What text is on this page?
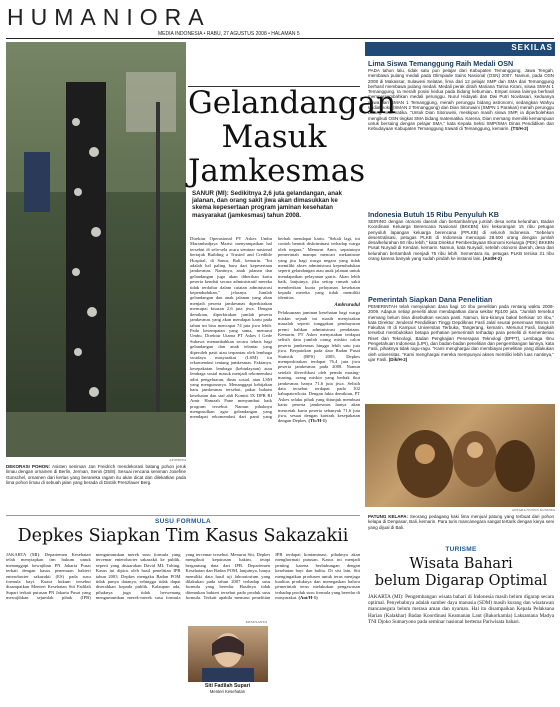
HUMANIORA
MEDIA INDONESIA • RABU, 27 AGUSTUS 2008 • HALAMAN 5
AP PHOTO
DEKORASI POHON: Asisten seniman Jan Freidrich mendekorasi batang pohon jeruk limau dengan ornamen di Berlin, Jerman, Senin (25/8). Sesuai rencana seniman Josefine Gunschel, ornamen dari kertas yang beraneka ragam itu akan dicat dan dilekatkan pada lima pohon limau di sebuah jalan yang berada di Distrik Prenzlauer Berg.
Gelandangan
Masuk
Jamkesmas
SANUR (MI): Sedikitnya 2,6 juta gelandangan, anak jalanan, dan orang sakit jiwa akan dimasukkan ke skema kepesertaan program jaminan kesehatan masyarakat (jamkesmas) tahun 2008.
Direktur Operasional PT Askes Umbu Marambadjaya Marisi menyampaikan hal tersebut di sela-sela acara seminar nasional bertajuk Building a Trusted and Credible Hospital, di Sanur, Bali, kemarin. "Ini adalah hal paling baru dari kepesertaan jamkesmas. Nantinya, anak jalanan dan gelandangan juga akan diberikan kartu peserta kendati secara administratif mereka tidak terdaftar dalam catatan administrasi kependudukan," jelasnya. Jumlah gelandangan dan anak jalanan yang akan menjadi peserta jamkesmas diperkirakan mencapai kisaran 2,6 juta jiwa. Dengan demikian, diperkirakan jumlah peserta jamkesmas yang akan mendapat kartu pada tahun ini bisa mencapai 74 juta jiwa lebih. Pada kesempatan yang sama, menurut Umbu, Direktur Utama PT Askes I Gede Subawa menambahkan secara teknis bagi gelandangan dan anak telantar yang diperoleh pasti atau terpantau oleh lembaga swadaya masyarakat (LSM) itu rekomendasi tentang jamkesmas. Faktanya, kesepakatan lembaga (kebudayaan) atau lembaga sosial masuk menjadi rekomendasi adiri pengeluaran, dinas sosial, atau LSM yang mengurusnya. Menanggapi kebijakan baru jamkesmas tersebut, pakar hukum kesehatan dan staf ahli Komisi IX DPR RI Amir Hamzah Pane menyambut baik program tersebut. Namun pihaknya mengusulkan agar gelandangan yang mendapat rekomendasi dari panti yang berhak mendapat kartu. "Sekali lagi, ini contoh bentuk diskriminasi terhadap warga oleh negara." Menurut Amir, sepatutnya pemerintah mampu mencari mekanisme yang jitu bagi warga negara yang tidak memiliki akses administrasi kependudukan seperti gelandangan atau anak jalanan untuk mendapatkan pelayanan gratis. Akan lebih baik, lanjutnya, jika setiap rumah sakit memberikan kuota pelayanan kesehatan kepada mereka yang tidak memiliki identitas.
Ambruradul
Pelaksanaan jaminan kesehatan bagi warga miskin sejauh ini masih menyisakan masalah seperti tunggakan pembayaran premi bahkan administrasi pendataan. Kemarin, PT Askes menyatakan terdapat selisih data jumlah orang miskin calon peserta jamkesmas hingga lebih satu juta jiwa. Berpatokan pada data Badan Pusat Statistik (BPS) 2005, Depkes memperkirakan terdapat 76,4 juta jiwa peserta jamkesmas pada 2008. Namun setelah diverifikasi oleh pemda masing-masing, orang miskin yang berhak ikut jamkesmas hanya 71,6 juta jiwa. Selisih data tersebut terdapat pada 102 kabupaten/kota. Dengan fakta demikian, PT Askes selaku pihak yang ditunjuk membuat kartu peserta jamkesmas hanya akan mencetak kartu peserta sebanyak 71,6 juta jiwa, sesuai dengan kontrak kesepakatan dengan Depkes. (Tlc/H-1)
SEKILAS
Lima Siswa Temanggung Raih Medali OSN
PADA tahun lalu, tidak satu pun pelajar dari Kabupaten Temanggung, Jawa Tengah, membawa pulang medali pada Olimpiade Sains Nasional (OSN) 2007. Namun, pada OSN 2008 di Makassar, Sulawesi Selatan, lima dari 12 pelajar SMP dan SMA dari Temanggung berhasil membawa pulang medali. Medali perak diraih Mariana Tarina Kirani, siswa SMAN 1 Temanggung. Ia meraih posisi kedua pada bidang kebumian. Empat siswa lainnya berhasil mempersembahkan medali perunggu. Nurul Hidayati dan Dwi Putri Novitasari, keduanya siswa dari SMAN 1 Temanggung, meraih perunggu bidang astronomi, sedangkan Wahyu Widiatmoko (SMAN 2 Temanggung) dan Dian Sitoruwini (SMPN 1 Parakan) meraih perunggu bidang matematika. "Untuk Dian Sitoruwini, meskipun masih siswa SMP, ia diperbolehkan mengikuti OSN tingkat SMA bidang matematika. Karena, Dian memang memiliki kemampuan untuk bersaing dengan pelajar SMA," kata Kepala Seksi SMP/SMA Dinas Pendidikan dan Kebudayaan Kabupaten Temanggung Irawati di Temanggung, kemarin. (TS/H-2)
Indonesia Butuh 15 Ribu Penyuluh KB
SEIRING dengan otonomi daerah dan bertambahnya jumlah desa serta kelurahan, Badan Koordinasi Keluarga Berencana Nasional (BKKBN) kini kekurangan 15 ribu petugas penyuluh lapangan keluarga berencana (PPLKB) di seluruh Indonesia. "Sebelum desentralisasi, petugas PLKB di Indonesia mencapai 28.500 orang dengan jumlah desa/kelurahan 60 ribu lebih," kata Direktur Pemberdayaan Ekonomi Keluarga (PEK) BKKBN Pusat Nuryadi di Kendari, kemarin. Namun, kata Nuryadi, setelah otonomi daerah, desa dan kelurahan bertambah menjadi 75 ribu lebih. Sementara itu, petugas PLKB tersisa 21 ribu orang karena banyak yang sudah pindah ke instansi lain. (Ant/H-2)
Pemerintah Siapkan Dana Penelitian
PEMERINTAH telah menyiapkan dana bagi 10 ribu penelitian pada rentang waktu 2008-2009. Adapun setiap peneliti akan mendapatkan dana sekitar Rp100 juta. "Jumlah tersebut memang belum bisa disebutkan secara pasti. Namun, kira-kiranya bakal berkisar 10 ribu," kata Direktur Jenderal Pendidikan Tinggi Depdiknas Fasli Jalal seusai penemuan Wisma III Fakultas III di Kampus Universitas Terbuka, Tangerang, kemarin. Menurut Fasli, langkah tersebut membuktikan betapa perhatian pemerintah terhadap para peneliti di Kementerian Riset dan Teknologi, Badan Pengkajian Penerapan Teknologi (BPPT), Lembaga Ilmu Pengetahuan Indonesia (LIPI), dan badan-badan penelitian dan pengembangan lainnya, kata Fasli, pihaknya tidak ragu-ragu. "Kami menghargai dan membiayai penelitian yang dilakukan oleh universitas. "Kami menghargai mereka mempunyai akses memiliki lebih luas nantinya," ujar Fasli. (Dik/H-2)
ANTARA/YUNUS KUSUMA
PATUNG KELAPA: Seorang pedagang kaki lima menjual patung yang terbuat dari pohon kelapa di Denpasar, Bali, kemarin. Para turis mancanegara sangat tertarik dengan karya seni yang dijual di Bali.
SUSU FORMULA
Depkes Siapkan Tim Kasus Sakazakii
JAKARTA (MI): Departemen Kesehatan telah menyiapkan tim hukum untuk menanggapi kewajiban PN Jakarta Pusat terkait dengan kasus penemuan bakteri enterobacter sakazakii (ES) pada susu formula bayi. Kuasa hukum tersebut disampaikan Menteri Kesehatan Siti Fadilah Supari terkait putusan PN Jakarta Pusat yang mewajibkan sejumlah pihak (IPB) mengumumkan merek susu formula yang tercemar enterobacter sakazakii ke publik, seperti yang disuarakan David ML Tobing. Kasus ini dipicu oleh hasil penelitian IPB tahun 2003. Depkes mengaku Badan POM tidak punya datanya, sehingga tidak dapat diserahkan kepada publik. Kalaupun ada, pihaknya juga tidak berwenang mengumumkan merek-merek susu formula yang tercemar tersebut. Menurut Siti, Depkes mengikuti keputusan hakim, tetapi bergantung data dari IPB. Departemen Kesehatan dan Badan POM, lanjutnya, hanya memiliki data hasil uji laboratorium yang dilakukan pada tahun 2007 terhadap susu formula yang beredar. Hasilnya tidak ditemukan bakteri tersebut pada produk susu formula. Terkait apabila menurut penelitian IPB terdapat kontaminasi, pihaknya akan menghormati putusan. Kasus ini menjadi penting karena berhubungan dengan kesehatan bayi dan balita. Di sisi lain, Siti mengingatkan produsen untuk terus menjaga kualitas produknya dan menegaskan bahwa pemerintah terus melakukan pengawasan terhadap produk susu formula yang beredar di masyarakat. (Ant/H-1)
Siti Fadilah Supari
Menteri Kesehatan
MI/SUSANTO
TURISME
Wisata Bahari
belum Digarap Optimal
JAKARTA (MI): Pengembangan wisata bahari di Indonesia masih belum digarap secara optimal. Penyebabnya adalah sumber daya manusia (SDM) masih kurang dan wisatawan mancanegara belum merasa aman dan nyaman. Hal itu disampaikan Kepala Pelaksana Harian (Kalakhar) Badan Koordinasi Keamanan Laut (Bakorkamla) Laksamana Madya TNI Djoko Sumaryono pada seminar nasional bertema Pariwisata bahari.
